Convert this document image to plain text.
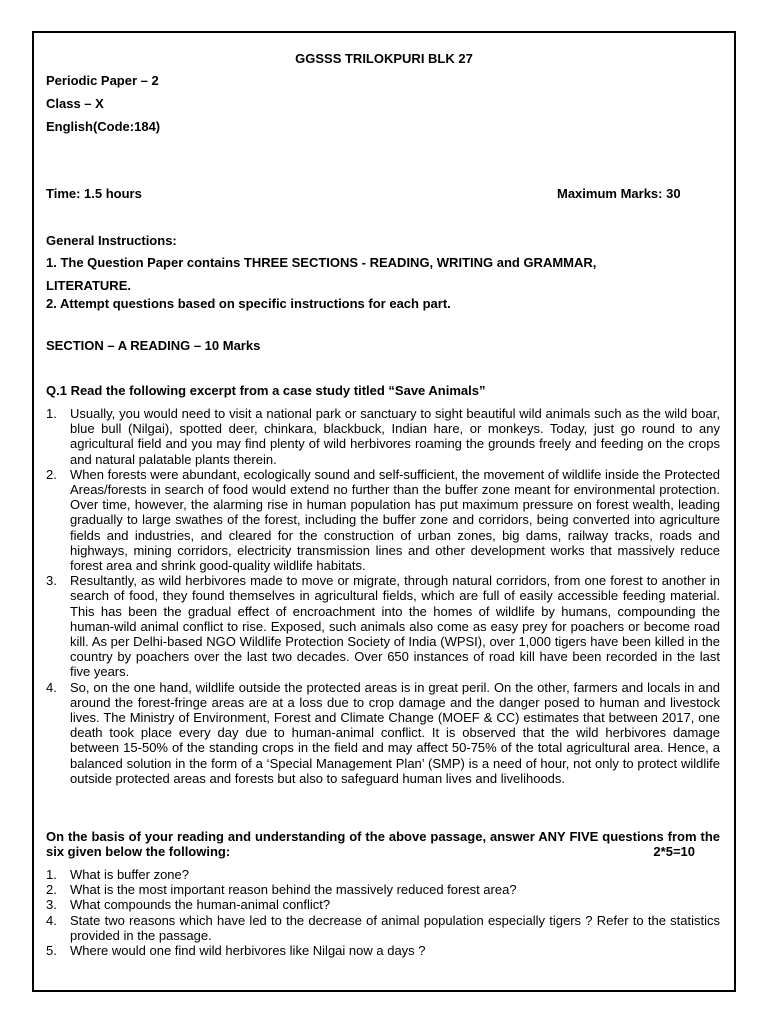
GGSSS TRILOKPURI BLK 27
Periodic Paper – 2
Class – X
English(Code:184)
Time: 1.5 hours	Maximum Marks: 30
General Instructions:
1. The Question Paper contains THREE SECTIONS - READING, WRITING and GRAMMAR, LITERATURE.
2. Attempt questions based on specific instructions for each part.
SECTION – A READING – 10 Marks
Q.1 Read the following excerpt from a case study titled “Save Animals”
1. Usually, you would need to visit a national park or sanctuary to sight beautiful wild animals such as the wild boar, blue bull (Nilgai), spotted deer, chinkara, blackbuck, Indian hare, or monkeys. Today, just go round to any agricultural field and you may find plenty of wild herbivores roaming the grounds freely and feeding on the crops and natural palatable plants therein.
2. When forests were abundant, ecologically sound and self-sufficient, the movement of wildlife inside the Protected Areas/forests in search of food would extend no further than the buffer zone meant for environmental protection. Over time, however, the alarming rise in human population has put maximum pressure on forest wealth, leading gradually to large swathes of the forest, including the buffer zone and corridors, being converted into agriculture fields and industries, and cleared for the construction of urban zones, big dams, railway tracks, roads and highways, mining corridors, electricity transmission lines and other development works that massively reduce forest area and shrink good-quality wildlife habitats.
3. Resultantly, as wild herbivores made to move or migrate, through natural corridors, from one forest to another in search of food, they found themselves in agricultural fields, which are full of easily accessible feeding material. This has been the gradual effect of encroachment into the homes of wildlife by humans, compounding the human-wild animal conflict to rise. Exposed, such animals also come as easy prey for poachers or become road kill. As per Delhi-based NGO Wildlife Protection Society of India (WPSI), over 1,000 tigers have been killed in the country by poachers over the last two decades. Over 650 instances of road kill have been recorded in the last five years.
4. So, on the one hand, wildlife outside the protected areas is in great peril. On the other, farmers and locals in and around the forest-fringe areas are at a loss due to crop damage and the danger posed to human and livestock lives. The Ministry of Environment, Forest and Climate Change (MOEF & CC) estimates that between 2017, one death took place every day due to human-animal conflict. It is observed that the wild herbivores damage between 15-50% of the standing crops in the field and may affect 50-75% of the total agricultural area. Hence, a balanced solution in the form of a ‘Special Management Plan’ (SMP) is a need of hour, not only to protect wildlife outside protected areas and forests but also to safeguard human lives and livelihoods.
On the basis of your reading and understanding of the above passage, answer ANY FIVE questions from the six given below the following:	2*5=10
1. What is buffer zone?
2. What is the most important reason behind the massively reduced forest area?
3. What compounds the human-animal conflict?
4. State two reasons which have led to the decrease of animal population especially tigers ? Refer to the statistics provided in the passage.
5. Where would one find wild herbivores like Nilgai now a days ?
